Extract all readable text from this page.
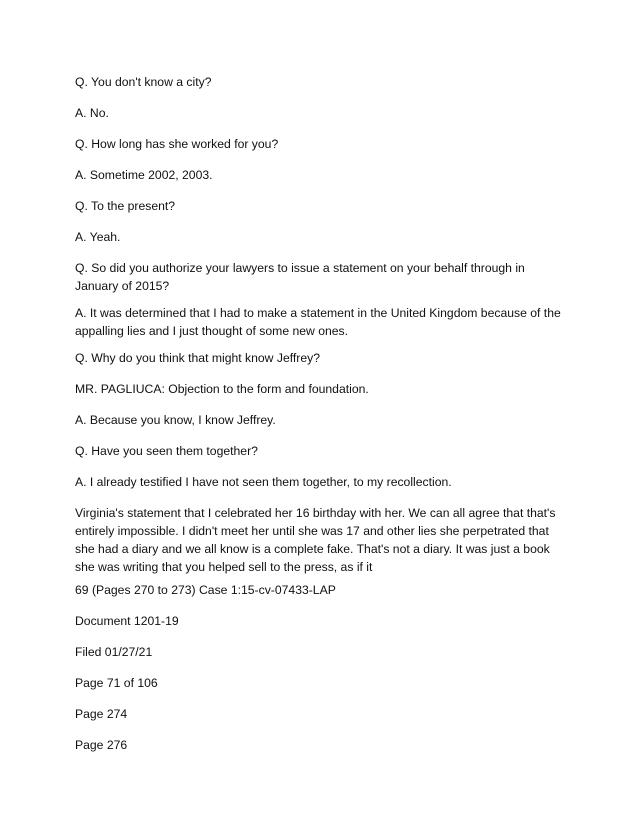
Q. You don't know a city?

A. No.

Q. How long has she worked for you?

A. Sometime 2002, 2003.

Q. To the present?

A. Yeah.

Q. So did you authorize your lawyers to issue a statement on your behalf through in January of 2015?

A. It was determined that I had to make a statement in the United Kingdom because of the appalling lies and I just thought of some new ones.

Q. Why do you think that might know Jeffrey?

MR. PAGLIUCA: Objection to the form and foundation.

A. Because you know, I know Jeffrey.

Q. Have you seen them together?

A. I already testified I have not seen them together, to my recollection.

Virginia's statement that I celebrated her 16 birthday with her. We can all agree that that's entirely impossible. I didn't meet her until she was 17 and other lies she perpetrated that she had a diary and we all know is a complete fake. That's not a diary. It was just a book she was writing that you helped sell to the press, as if it

69 (Pages 270 to 273) Case 1:15-cv-07433-LAP

Document 1201-19

Filed 01/27/21

Page 71 of 106

Page 274

Page 276
